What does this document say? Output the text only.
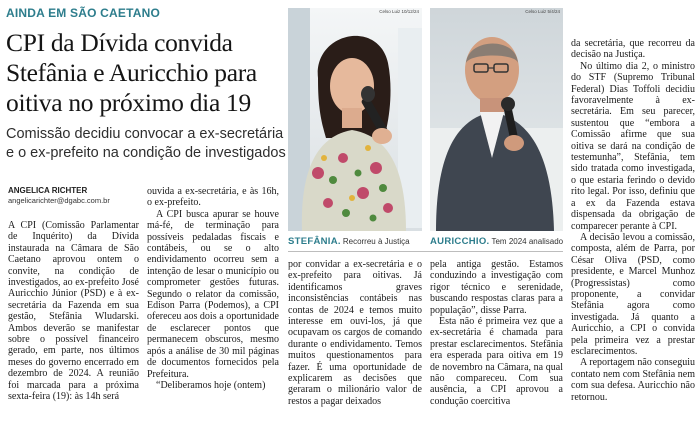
AINDA EM SÃO CAETANO
CPI da Dívida convida Stefânia e Auricchio para oitiva no próximo dia 19
Comissão decidiu convocar a ex-secretária e o ex-prefeito na condição de investigados
ANGELICA RICHTER
angelicarichter@dgabc.com.br

A CPI (Comissão Parlamentar de Inquérito) da Dívida instaurada na Câmara de São Caetano aprovou ontem o convite, na condição de investigados, ao ex-prefeito José Auricchio Júnior (PSD) e à ex-secretária da Fazenda em sua gestão, Stefânia Wludarski. Ambos deverão se manifestar sobre o possível financeiro gerado, em parte, nos últimos meses do governo encerrado em dezembro de 2024. A reunião foi marcada para a próxima sexta-feira (19): às 14h será

ouvida a ex-secretária, e às 16h, o ex-prefeito.

A CPI busca apurar se houve má-fé, de terminação para possíveis pedaladas fiscais e contábeis, ou se o alto endividamento ocorreu sem a intenção de lesar o município ou comprometer gestões futuras. Segundo o relator da comissão, Edison Parra (Podemos), a CPI ofereceu aos dois a oportunidade de esclarecer pontos que permanecem obscuros, mesmo após a análise de 30 mil páginas de documentos fornecidos pela Prefeitura.

“Deliberamos hoje (ontem)

Celso Luiz 10/12/24	Celso Luiz 5/4/24
STEFÂNIA. Recorreu à Justiça AURICCHIO. Tem 2024 analisado

por convidar a ex-secretária e o ex-prefeito para oitivas. Já identificamos graves inconsistências contábeis nas contas de 2024 e temos muito interesse em ouvi-los, já que ocupavam os cargos de comando durante o endividamento. Temos muitos questionamentos para fazer. É uma oportunidade de explicarem as decisões que geraram o milionário valor de restos a pagar deixados

pela antiga gestão. Estamos conduzindo a investigação com rigor técnico e serenidade, buscando respostas claras para a população”, disse Parra.

Esta não é primeira vez que a ex-secretária é chamada para prestar esclarecimentos. Stefânia era esperada para oitiva em 19 de novembro na Câmara, na qual não compareceu. Com sua ausência, a CPI aprovou a condução coercitiva

da secretária, que recorreu da decisão na Justiça.

No último dia 2, o ministro do STF (Supremo Tribunal Federal) Dias Toffoli decidiu favoravelmente à ex-secretária. Em seu parecer, sustentou que “embora a Comissão afirme que sua oitiva se dará na condição de testemunha”, Stefânia, tem sido tratada como investigada, o que estaria ferindo o devido rito legal. Por isso, definiu que a ex da Fazenda estava dispensada da obrigação de comparecer perante à CPI.

A decisão levou a comissão, composta, além de Parra, por César Oliva (PSD, como presidente, e Marcel Munhoz (Progressistas) como proponente, a convidar Stefânia agora como investigada. Já quanto a Auricchio, a CPI o convida pela primeira vez a prestar esclarecimentos.

A reportagem não conseguiu contato nem com Stefânia nem com sua defesa. Auricchio não retornou.
